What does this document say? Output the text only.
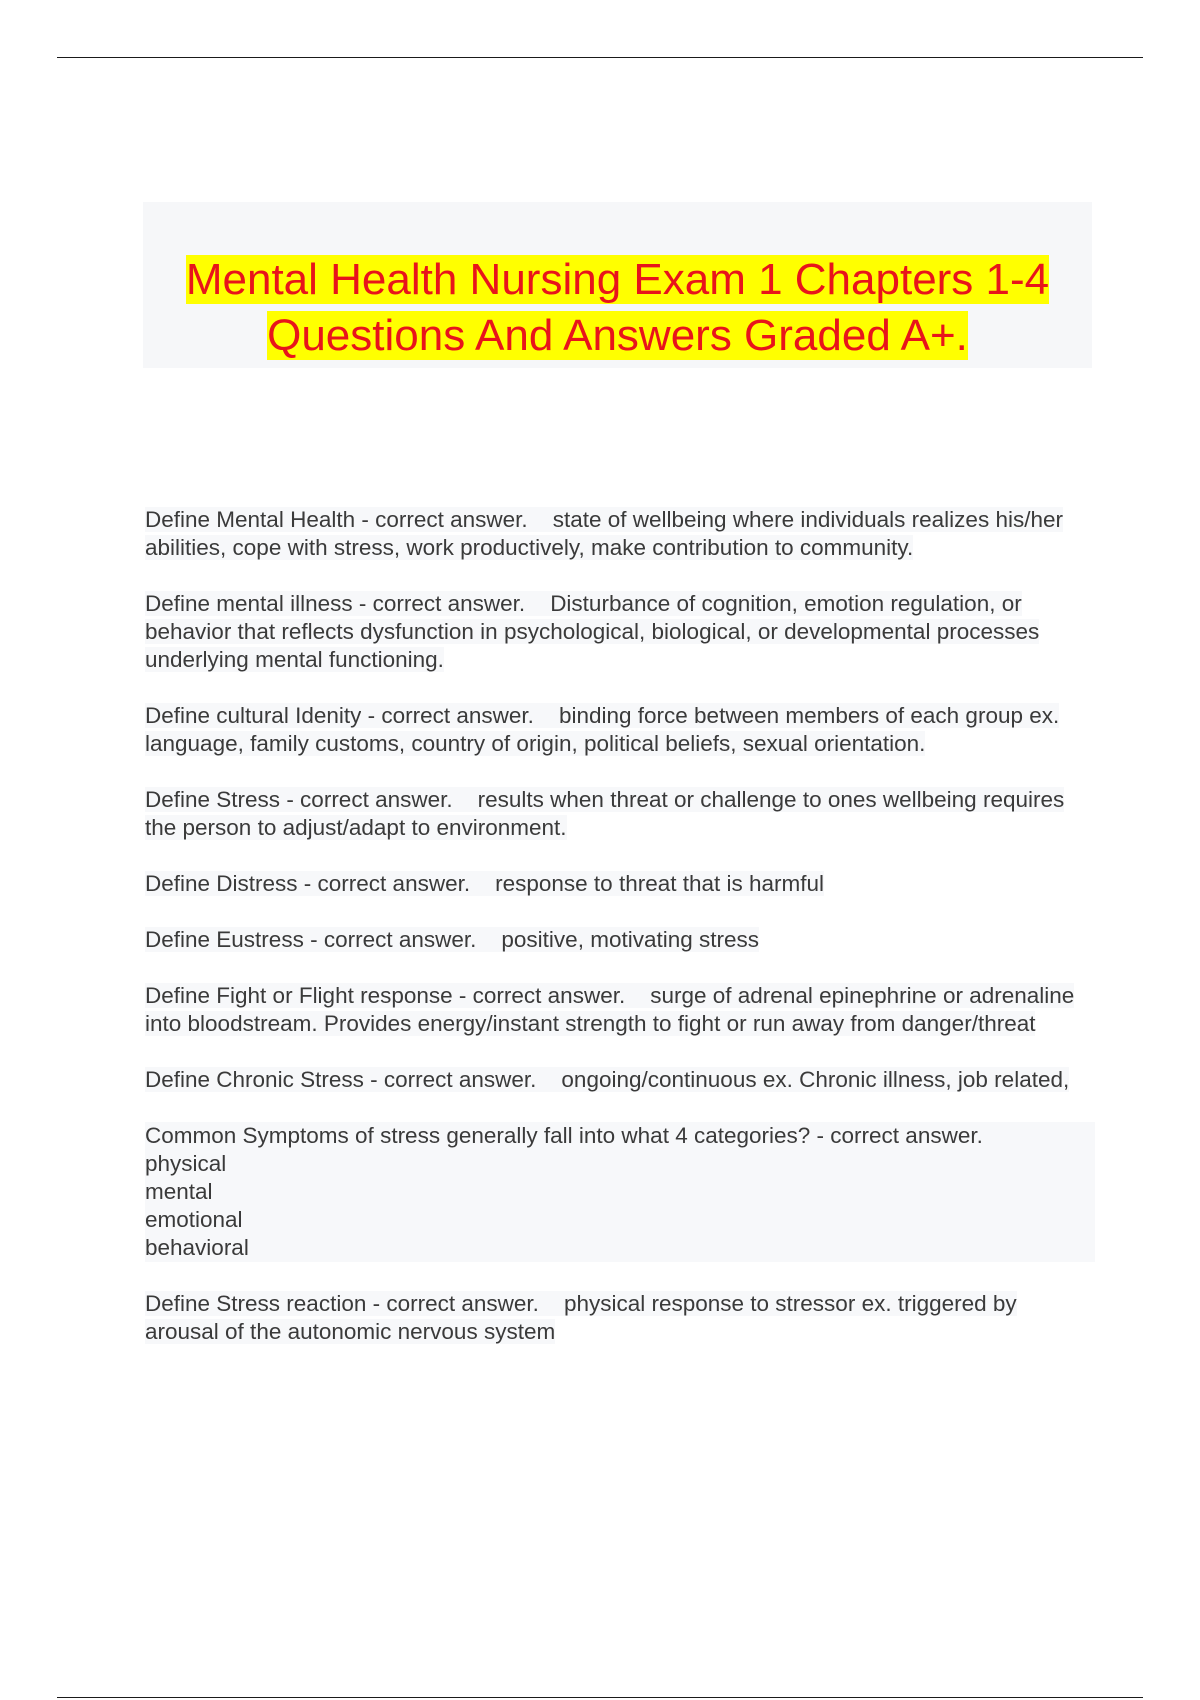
Mental Health Nursing Exam 1 Chapters 1-4 Questions And Answers Graded A+.

Define Mental Health - correct answer. state of wellbeing where individuals realizes his/her abilities, cope with stress, work productively, make contribution to community.

Define mental illness - correct answer. Disturbance of cognition, emotion regulation, or behavior that reflects dysfunction in psychological, biological, or developmental processes underlying mental functioning.

Define cultural Idenity - correct answer. binding force between members of each group ex. language, family customs, country of origin, political beliefs, sexual orientation.

Define Stress - correct answer. results when threat or challenge to ones wellbeing requires the person to adjust/adapt to environment.

Define Distress - correct answer. response to threat that is harmful

Define Eustress - correct answer. positive, motivating stress

Define Fight or Flight response - correct answer. surge of adrenal epinephrine or adrenaline into bloodstream. Provides energy/instant strength to fight or run away from danger/threat

Define Chronic Stress - correct answer. ongoing/continuous ex. Chronic illness, job related,

Common Symptoms of stress generally fall into what 4 categories? - correct answer.
physical
mental
emotional
behavioral

Define Stress reaction - correct answer. physical response to stressor ex. triggered by arousal of the autonomic nervous system
